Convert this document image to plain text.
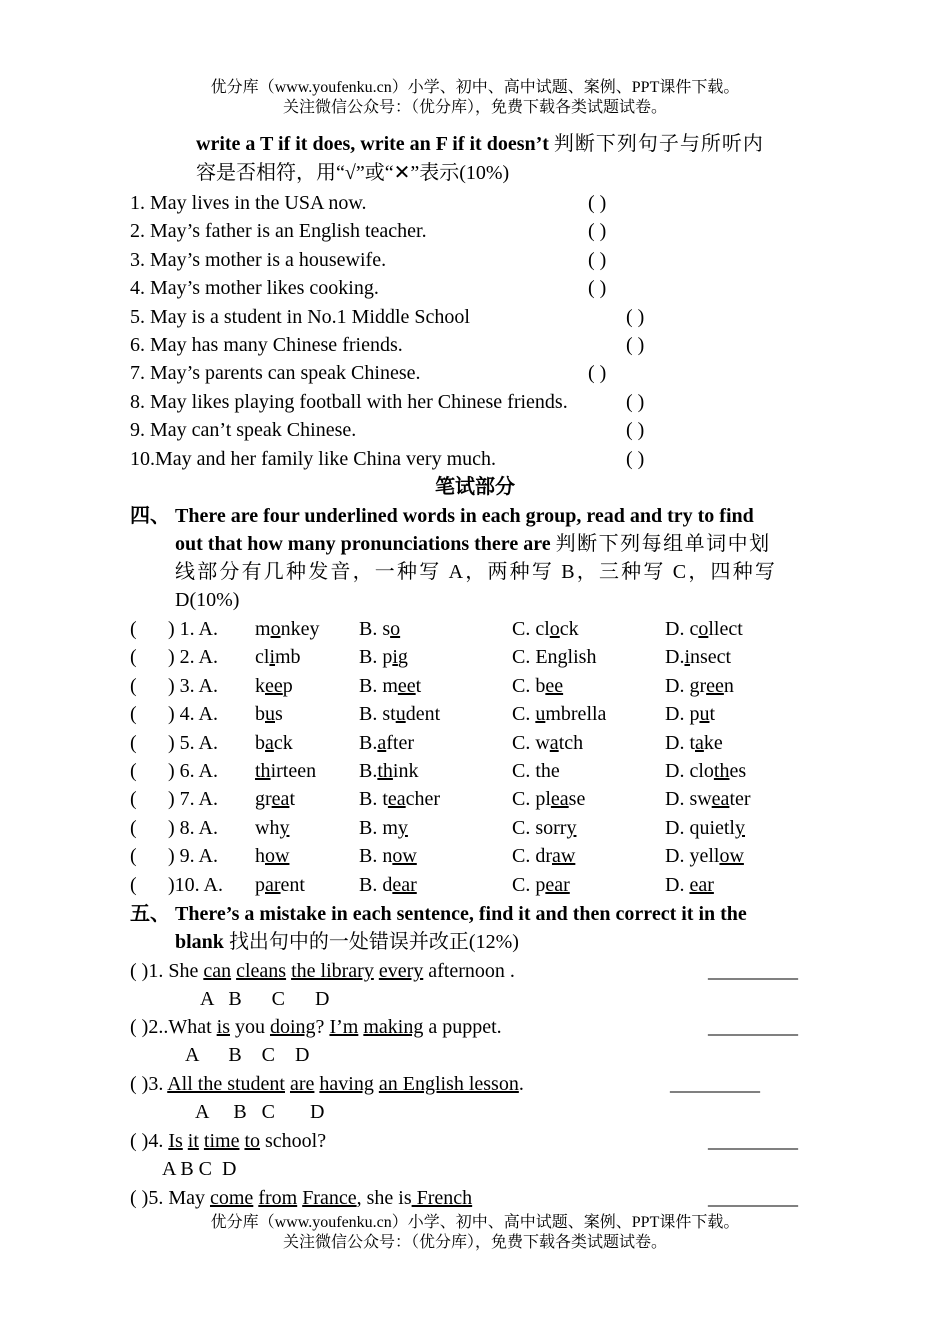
优分库（www.youfenku.cn）小学、初中、高中试题、案例、PPT课件下载。
关注微信公众号：（优分库），免费下载各类试题试卷。
write a T if it does, write an F if it doesn’t 判断下列句子与所听内
容是否相符，用“√”或“✕”表示(10%)
1. May lives in the USA now.	( )
2. May’s father is an English teacher.	( )
3. May’s mother is a housewife.	( )
4. May’s mother likes cooking.	( )
5. May is a student in No.1 Middle School	( )
6. May has many Chinese friends.	( )
7. May’s parents can speak Chinese.	( )
8. May likes playing football with her Chinese friends.	( )
9. May can’t speak Chinese.	( )
10.May and her family like China very much.	( )
笔试部分
四、 There are four underlined words in each group, read and try to find
out that how many pronunciations there are 判断下列每组单词中划
线部分有几种发音，一种写 A，两种写 B，三种写 C，四种写
D(10%)
( ) 1. A. monkey B. so	C. clock	D. collect
( ) 2. A. climb	B. pig	C. English	D.insect
( ) 3. A. keep	B. meet	C. bee	D. green
( ) 4. A. bus	B. student	C. umbrella	D. put
( ) 5. A. back	B.after	C. watch	D. take
( ) 6. A. thirteen B.think	C. the	D. clothes
( ) 7. A. great	B. teacher	C. please	D. sweater
( ) 8. A. why	B. my	C. sorry	D. quietly
( ) 9. A. how	B. now	C. draw	D. yellow
( )10. A. parent	B. dear	C. pear	D. ear
五、 There’s a mistake in each sentence, find it and then correct it in the
blank 找出句中的一处错误并改正(12%)
( )1. She can cleans the library every afternoon .	_________
A   B      C      D
( )2..What is you doing? I’m making a puppet.	_________
A      B    C    D
( )3. All the student are having an English lesson.	_________
A     B   C       D
( )4. Is it time to school?	_________
A B C  D
( )5. May come from France, she is French	_________
优分库（www.youfenku.cn）小学、初中、高中试题、案例、PPT课件下载。
关注微信公众号：（优分库），免费下载各类试题试卷。
